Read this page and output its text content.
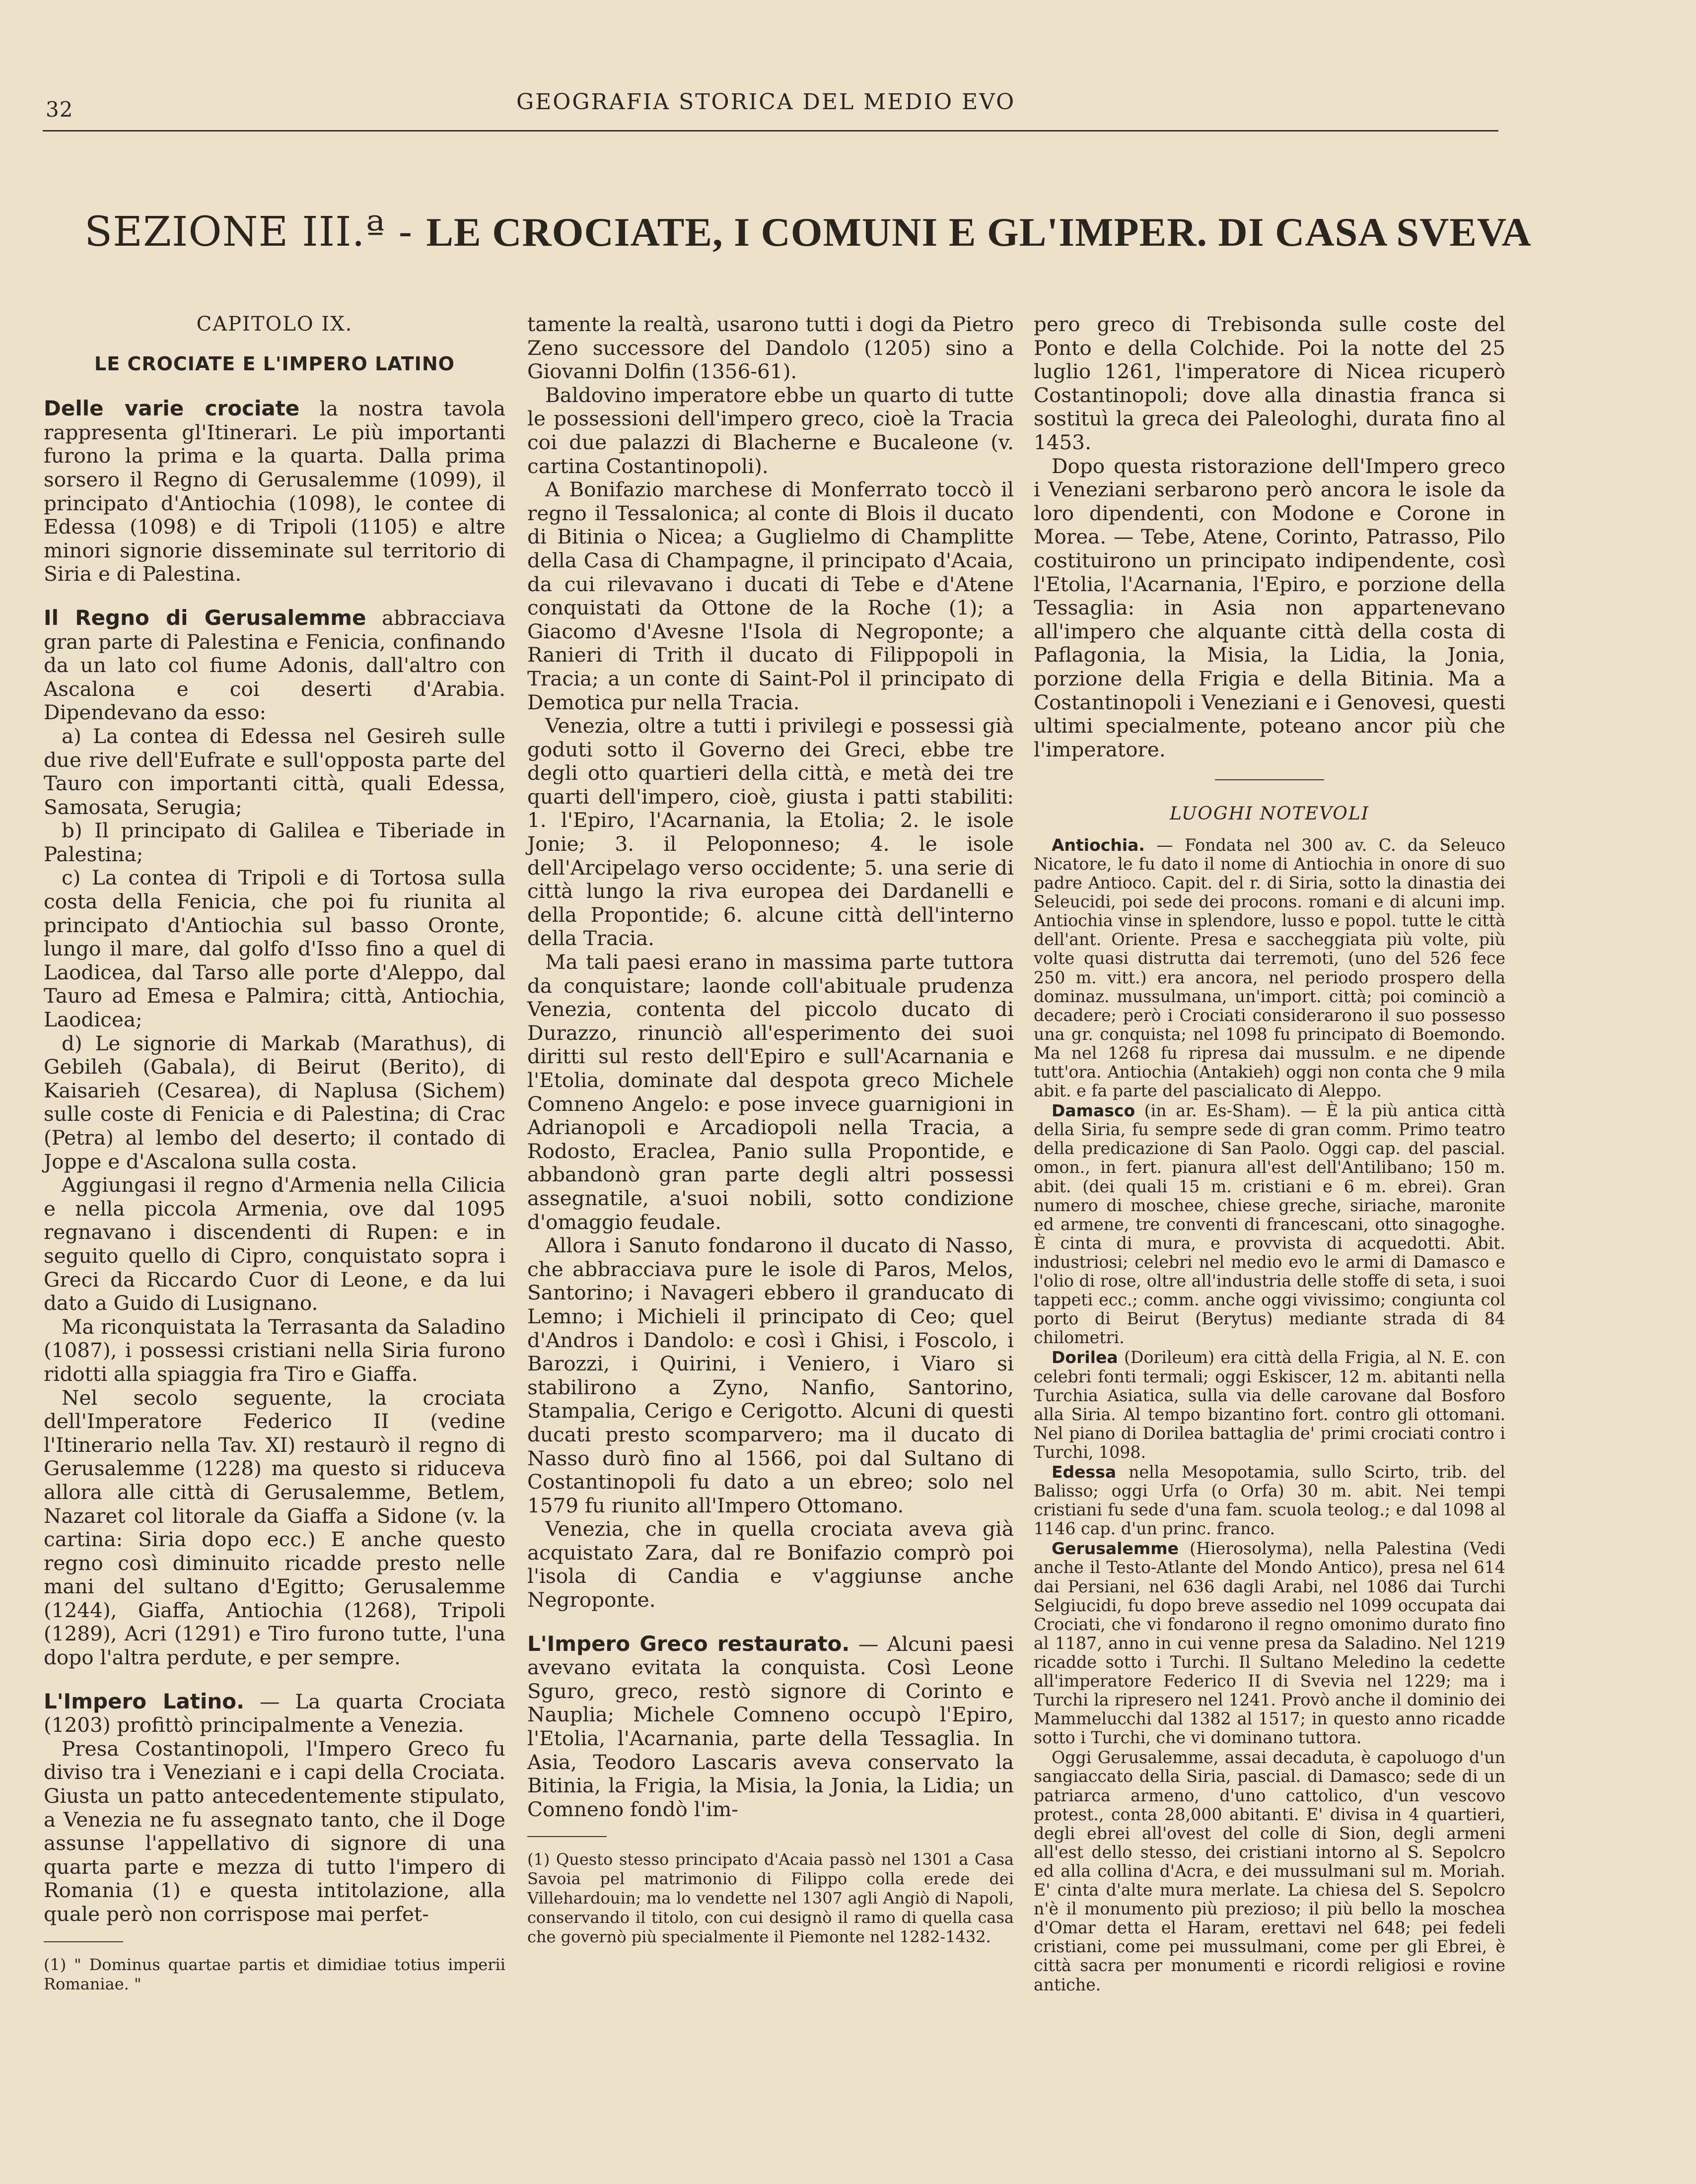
32	GEOGRAFIA STORICA DEL MEDIO EVO
SEZIONE III.ª - LE CROCIATE, I COMUNI E GL'IMPER. DI CASA SVEVA

CAPITOLO IX.

LE CROCIATE E L'IMPERO LATINO

Delle varie crociate la nostra tavola rappresenta gl'Itinerari. Le più importanti furono la prima e la quarta. Dalla prima sorsero il Regno di Gerusalemme (1099), il principato d'Antiochia (1098), le contee di Edessa (1098) e di Tripoli (1105) e altre minori signorie disseminate sul territorio di Siria e di Palestina.

Il Regno di Gerusalemme abbracciava gran parte di Palestina e Fenicia, confinando da un lato col fiume Adonis, dall'altro con Ascalona e coi deserti d'Arabia. Dipendevano da esso:

a) La contea di Edessa nel Gesireh sulle due rive dell'Eufrate e sull'opposta parte del Tauro con importanti città, quali Edessa, Samosata, Serugia;

b) Il principato di Galilea e Tiberiade in Palestina;

c) La contea di Tripoli e di Tortosa sulla costa della Fenicia, che poi fu riunita al principato d'Antiochia sul basso Oronte, lungo il mare, dal golfo d'Isso fino a quel di Laodicea, dal Tarso alle porte d'Aleppo, dal Tauro ad Emesa e Palmira; città, Antiochia, Laodicea;

d) Le signorie di Markab (Marathus), di Gebileh (Gabala), di Beirut (Berito), di Kaisarieh (Cesarea), di Naplusa (Sichem) sulle coste di Fenicia e di Palestina; di Crac (Petra) al lembo del deserto; il contado di Joppe e d'Ascalona sulla costa.

Aggiungasi il regno d'Armenia nella Cilicia e nella piccola Armenia, ove dal 1095 regnavano i discendenti di Rupen: e in seguito quello di Cipro, conquistato sopra i Greci da Riccardo Cuor di Leone, e da lui dato a Guido di Lusignano.

Ma riconquistata la Terrasanta da Saladino (1087), i possessi cristiani nella Siria furono ridotti alla spiaggia fra Tiro e Giaffa.

Nel secolo seguente, la crociata dell'Imperatore Federico II (vedine l'Itinerario nella Tav. XI) restaurò il regno di Gerusalemme (1228) ma questo si riduceva allora alle città di Gerusalemme, Betlem, Nazaret col litorale da Giaffa a Sidone (v. la cartina: Siria dopo ecc.) E anche questo regno così diminuito ricadde presto nelle mani del sultano d'Egitto; Gerusalemme (1244), Giaffa, Antiochia (1268), Tripoli (1289), Acri (1291) e Tiro furono tutte, l'una dopo l'altra perdute, e per sempre.

L'Impero Latino. — La quarta Crociata (1203) profittò principalmente a Venezia.

Presa Costantinopoli, l'Impero Greco fu diviso tra i Veneziani e i capi della Crociata. Giusta un patto antecedentemente stipulato, a Venezia ne fu assegnato tanto, che il Doge assunse l'appellativo di signore di una quarta parte e mezza di tutto l'impero di Romania (1) e questa intitolazione, alla quale però non corrispose mai perfet-

(1) " Dominus quartae partis et dimidiae totius imperii Romaniae. "

tamente la realtà, usarono tutti i dogi da Pietro Zeno successore del Dandolo (1205) sino a Giovanni Dolfin (1356-61).

Baldovino imperatore ebbe un quarto di tutte le possessioni dell'impero greco, cioè la Tracia coi due palazzi di Blacherne e Bucaleone (v. cartina Costantinopoli).

A Bonifazio marchese di Monferrato toccò il regno il Tessalonica; al conte di Blois il ducato di Bitinia o Nicea; a Guglielmo di Champlitte della Casa di Champagne, il principato d'Acaia, da cui rilevavano i ducati di Tebe e d'Atene conquistati da Ottone de la Roche (1); a Giacomo d'Avesne l'Isola di Negroponte; a Ranieri di Trith il ducato di Filippopoli in Tracia; a un conte di Saint-Pol il principato di Demotica pur nella Tracia.

Venezia, oltre a tutti i privilegi e possessi già goduti sotto il Governo dei Greci, ebbe tre degli otto quartieri della città, e metà dei tre quarti dell'impero, cioè, giusta i patti stabiliti: 1. l'Epiro, l'Acarnania, la Etolia; 2. le isole Jonie; 3. il Peloponneso; 4. le isole dell'Arcipelago verso occidente; 5. una serie di città lungo la riva europea dei Dardanelli e della Propontide; 6. alcune città dell'interno della Tracia.

Ma tali paesi erano in massima parte tuttora da conquistare; laonde coll'abituale prudenza Venezia, contenta del piccolo ducato di Durazzo, rinunciò all'esperimento dei suoi diritti sul resto dell'Epiro e sull'Acarnania e l'Etolia, dominate dal despota greco Michele Comneno Angelo: e pose invece guarnigioni in Adrianopoli e Arcadiopoli nella Tracia, a Rodosto, Eraclea, Panio sulla Propontide, e abbandonò gran parte degli altri possessi assegnatile, a'suoi nobili, sotto condizione d'omaggio feudale.

Allora i Sanuto fondarono il ducato di Nasso, che abbracciava pure le isole di Paros, Melos, Santorino; i Navageri ebbero il granducato di Lemno; i Michieli il principato di Ceo; quel d'Andros i Dandolo: e così i Ghisi, i Foscolo, i Barozzi, i Quirini, i Veniero, i Viaro si stabilirono a Zyno, Nanfio, Santorino, Stampalia, Cerigo e Cerigotto. Alcuni di questi ducati presto scomparvero; ma il ducato di Nasso durò fino al 1566, poi dal Sultano di Costantinopoli fu dato a un ebreo; solo nel 1579 fu riunito all'Impero Ottomano.

Venezia, che in quella crociata aveva già acquistato Zara, dal re Bonifazio comprò poi l'isola di Candia e v'aggiunse anche Negroponte.

L'Impero Greco restaurato. — Alcuni paesi avevano evitata la conquista. Così Leone Sguro, greco, restò signore di Corinto e Nauplia; Michele Comneno occupò l'Epiro, l'Etolia, l'Acarnania, parte della Tessaglia. In Asia, Teodoro Lascaris aveva conservato la Bitinia, la Frigia, la Misia, la Jonia, la Lidia; un Comneno fondò l'im-

(1) Questo stesso principato d'Acaia passò nel 1301 a Casa Savoia pel matrimonio di Filippo colla erede dei Villehardouin; ma lo vendette nel 1307 agli Angiò di Napoli, conservando il titolo, con cui designò il ramo di quella casa che governò più specialmente il Piemonte nel 1282-1432.

pero greco di Trebisonda sulle coste del Ponto e della Colchide. Poi la notte del 25 luglio 1261, l'imperatore di Nicea ricuperò Costantinopoli; dove alla dinastia franca si sostituì la greca dei Paleologhi, durata fino al 1453.

Dopo questa ristorazione dell'Impero greco i Veneziani serbarono però ancora le isole da loro dipendenti, con Modone e Corone in Morea. — Tebe, Atene, Corinto, Patrasso, Pilo costituirono un principato indipendente, così l'Etolia, l'Acarnania, l'Epiro, e porzione della Tessaglia: in Asia non appartenevano all'impero che alquante città della costa di Paflagonia, la Misia, la Lidia, la Jonia, porzione della Frigia e della Bitinia. Ma a Costantinopoli i Veneziani e i Genovesi, questi ultimi specialmente, poteano ancor più che l'imperatore.

LUOGHI NOTEVOLI

Antiochia. — Fondata nel 300 av. C. da Seleuco Nicatore, le fu dato il nome di Antiochia in onore di suo padre Antioco. Capit. del r. di Siria, sotto la dinastia dei Seleucidi, poi sede dei procons. romani e di alcuni imp. Antiochia vinse in splendore, lusso e popol. tutte le città dell'ant. Oriente. Presa e saccheggiata più volte, più volte quasi distrutta dai terremoti, (uno del 526 fece 250 m. vitt.) era ancora, nel periodo prospero della dominaz. mussulmana, un'import. città; poi cominciò a decadere; però i Crociati considerarono il suo possesso una gr. conquista; nel 1098 fu principato di Boemondo. Ma nel 1268 fu ripresa dai mussulm. e ne dipende tutt'ora. Antiochia (Antakieh) oggi non conta che 9 mila abit. e fa parte del pascialicato di Aleppo.

Damasco (in ar. Es-Sham). — È la più antica città della Siria, fu sempre sede di gran comm. Primo teatro della predicazione di San Paolo. Oggi cap. del pascial. omon., in fert. pianura all'est dell'Antilibano; 150 m. abit. (dei quali 15 m. cristiani e 6 m. ebrei). Gran numero di moschee, chiese greche, siriache, maronite ed armene, tre conventi di francescani, otto sinagoghe. È cinta di mura, e provvista di acquedotti. Abit. industriosi; celebri nel medio evo le armi di Damasco e l'olio di rose, oltre all'industria delle stoffe di seta, i suoi tappeti ecc.; comm. anche oggi vivissimo; congiunta col porto di Beirut (Berytus) mediante strada di 84 chilometri.

Dorilea (Dorileum) era città della Frigia, al N. E. con celebri fonti termali; oggi Eskiscer, 12 m. abitanti nella Turchia Asiatica, sulla via delle carovane dal Bosforo alla Siria. Al tempo bizantino fort. contro gli ottomani. Nel piano di Dorilea battaglia de' primi crociati contro i Turchi, 1098.

Edessa nella Mesopotamia, sullo Scirto, trib. del Balisso; oggi Urfa (o Orfa) 30 m. abit. Nei tempi cristiani fu sede d'una fam. scuola teolog.; e dal 1098 al 1146 cap. d'un princ. franco.

Gerusalemme (Hierosolyma), nella Palestina (Vedi anche il Testo-Atlante del Mondo Antico), presa nel 614 dai Persiani, nel 636 dagli Arabi, nel 1086 dai Turchi Selgiucidi, fu dopo breve assedio nel 1099 occupata dai Crociati, che vi fondarono il regno omonimo durato fino al 1187, anno in cui venne presa da Saladino. Nel 1219 ricadde sotto i Turchi. Il Sultano Meledino la cedette all'imperatore Federico II di Svevia nel 1229; ma i Turchi la ripresero nel 1241. Provò anche il dominio dei Mammelucchi dal 1382 al 1517; in questo anno ricadde sotto i Turchi, che vi dominano tuttora.

Oggi Gerusalemme, assai decaduta, è capoluogo d'un sangiaccato della Siria, pascial. di Damasco; sede di un patriarca armeno, d'uno cattolico, d'un vescovo protest., conta 28,000 abitanti. E' divisa in 4 quartieri, degli ebrei all'ovest del colle di Sion, degli armeni all'est dello stesso, dei cristiani intorno al S. Sepolcro ed alla collina d'Acra, e dei mussulmani sul m. Moriah. E' cinta d'alte mura merlate. La chiesa del S. Sepolcro n'è il monumento più prezioso; il più bello la moschea d'Omar detta el Haram, erettavi nel 648; pei fedeli cristiani, come pei mussulmani, come per gli Ebrei, è città sacra per monumenti e ricordi religiosi e rovine antiche.
